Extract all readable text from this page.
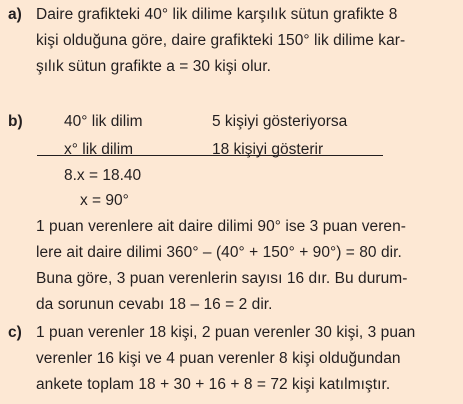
a) Daire grafikteki 40° lik dilime karşılık sütun grafikte 8
kişi olduğuna göre, daire grafikteki 150° lik dilime kar-
şılık sütun grafikte a = 30 kişi olur.
b)	40° lik dilim	5 kişiyi gösteriyorsa
x° lik dilim	18 kişiyi gösterir
8.x = 18.40
x = 90°
1 puan verenlere ait daire dilimi 90° ise 3 puan veren-
lere ait daire dilimi 360° – (40° + 150° + 90°) = 80 dir.
Buna göre, 3 puan verenlerin sayısı 16 dır. Bu durum-
da sorunun cevabı 18 – 16 = 2 dir.
c) 1 puan verenler 18 kişi, 2 puan verenler 30 kişi, 3 puan
verenler 16 kişi ve 4 puan verenler 8 kişi olduğundan
ankete toplam 18 + 30 + 16 + 8 = 72 kişi katılmıştır.
